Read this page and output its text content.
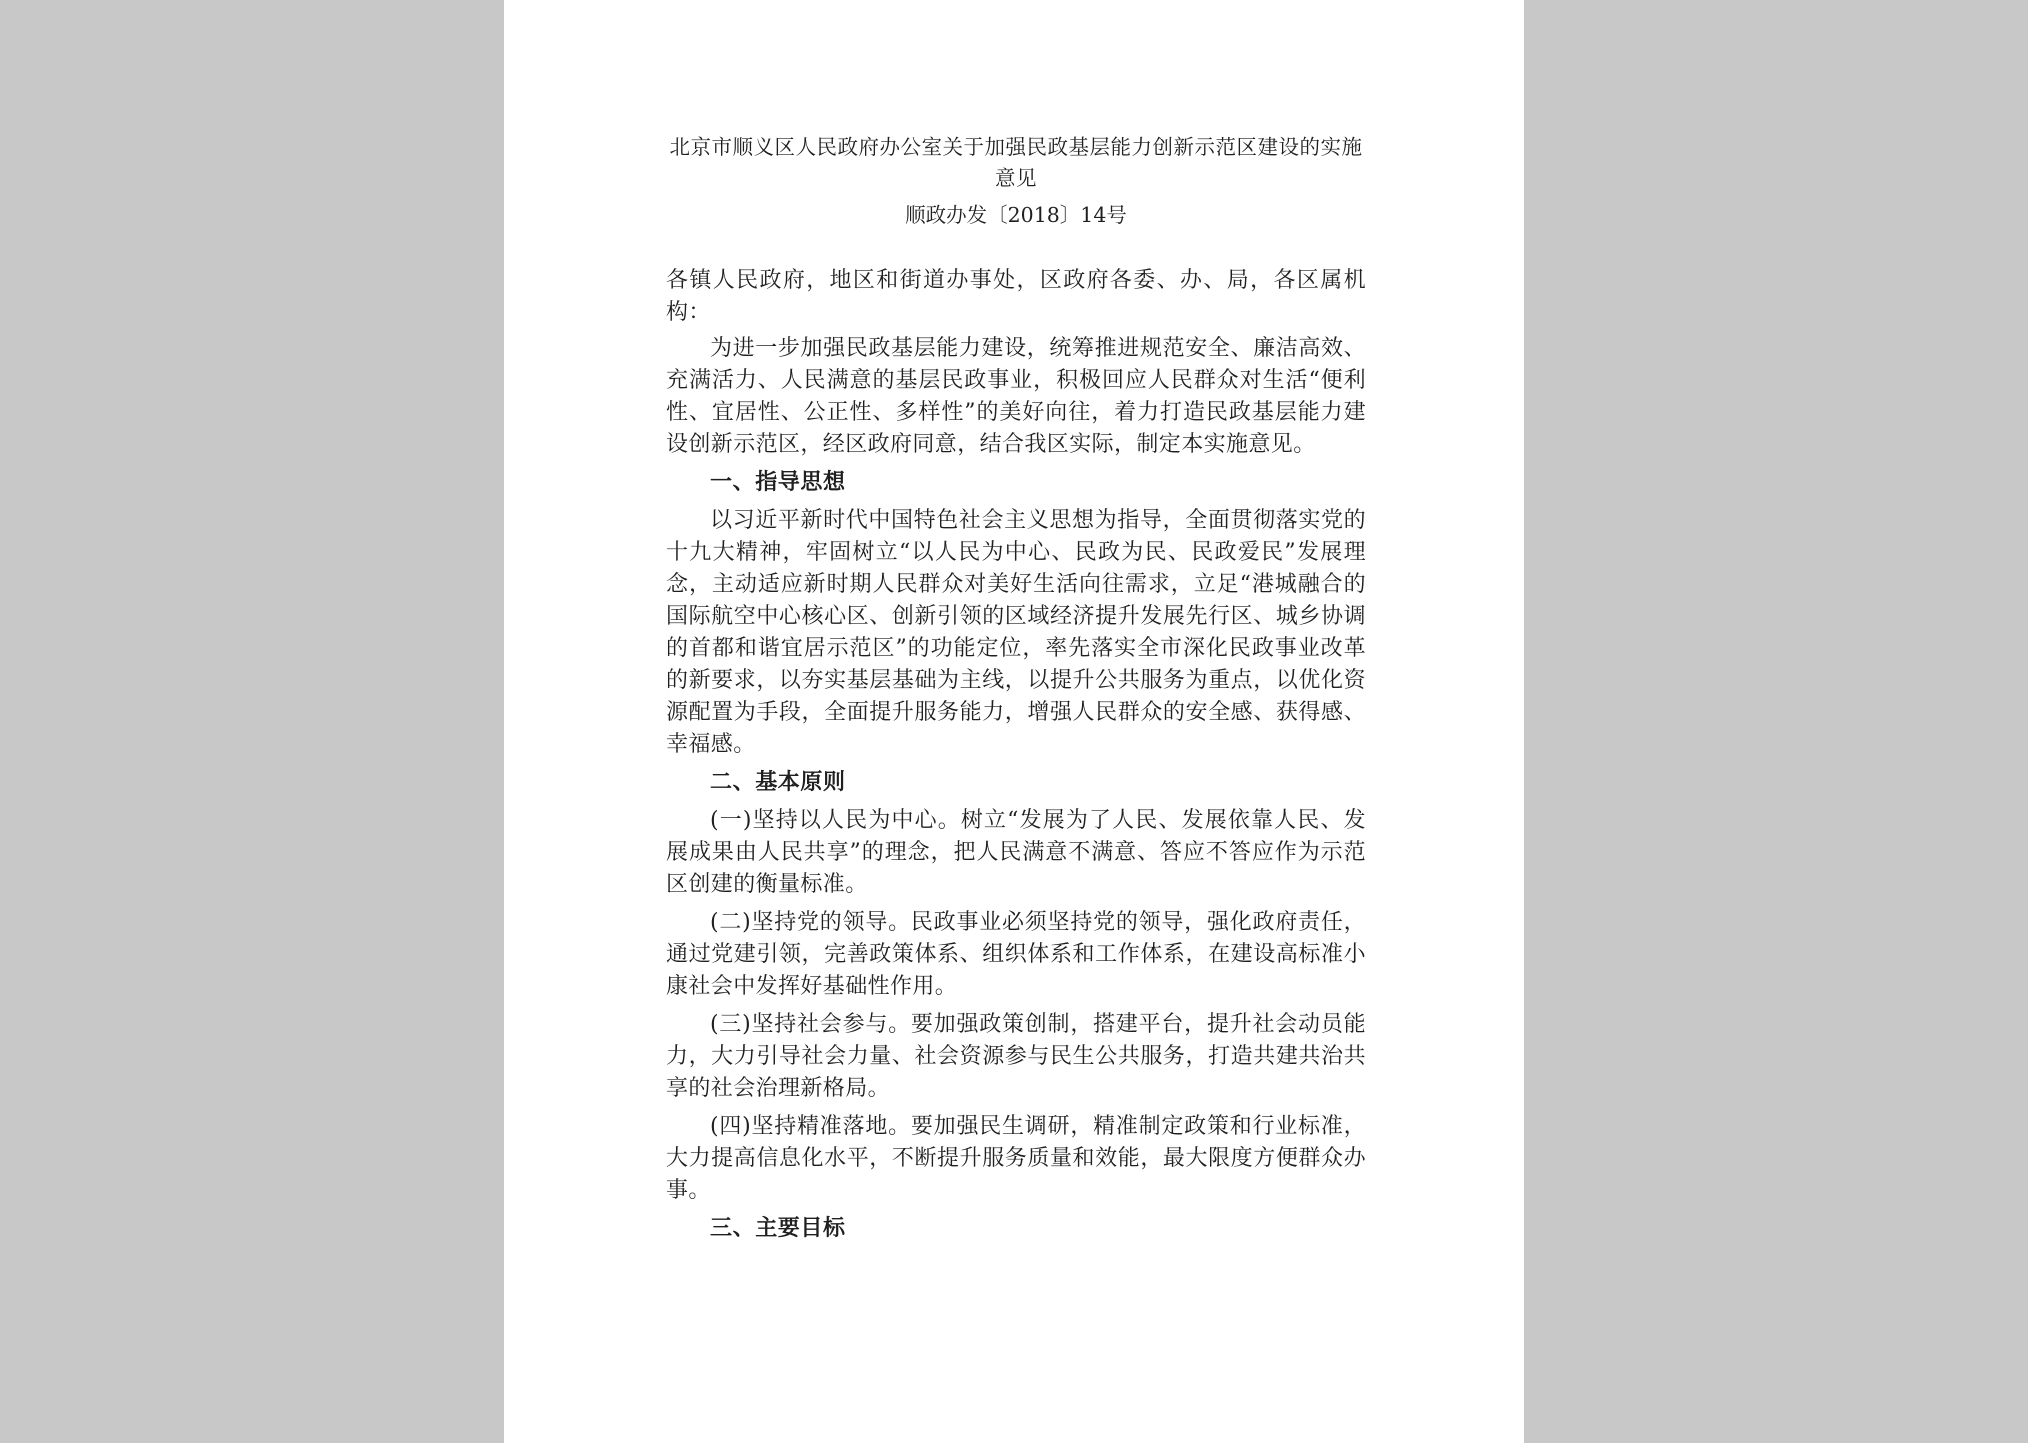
北京市顺义区人民政府办公室关于加强民政基层能力创新示范区建设的实施意见
顺政办发〔2018〕14号

各镇人民政府，地区和街道办事处，区政府各委、办、局，各区属机构：

为进一步加强民政基层能力建设，统筹推进规范安全、廉洁高效、充满活力、人民满意的基层民政事业，积极回应人民群众对生活“便利性、宜居性、公正性、多样性”的美好向往，着力打造民政基层能力建设创新示范区，经区政府同意，结合我区实际，制定本实施意见。

一、指导思想

以习近平新时代中国特色社会主义思想为指导，全面贯彻落实党的十九大精神，牢固树立“以人民为中心、民政为民、民政爱民”发展理念，主动适应新时期人民群众对美好生活向往需求，立足“港城融合的国际航空中心核心区、创新引领的区域经济提升发展先行区、城乡协调的首都和谐宜居示范区”的功能定位，率先落实全市深化民政事业改革的新要求，以夯实基层基础为主线，以提升公共服务为重点，以优化资源配置为手段，全面提升服务能力，增强人民群众的安全感、获得感、幸福感。

二、基本原则

(一)坚持以人民为中心。树立“发展为了人民、发展依靠人民、发展成果由人民共享”的理念，把人民满意不满意、答应不答应作为示范区创建的衡量标准。

(二)坚持党的领导。民政事业必须坚持党的领导，强化政府责任，通过党建引领，完善政策体系、组织体系和工作体系，在建设高标准小康社会中发挥好基础性作用。

(三)坚持社会参与。要加强政策创制，搭建平台，提升社会动员能力，大力引导社会力量、社会资源参与民生公共服务，打造共建共治共享的社会治理新格局。

(四)坚持精准落地。要加强民生调研，精准制定政策和行业标准，大力提高信息化水平，不断提升服务质量和效能，最大限度方便群众办事。

三、主要目标
